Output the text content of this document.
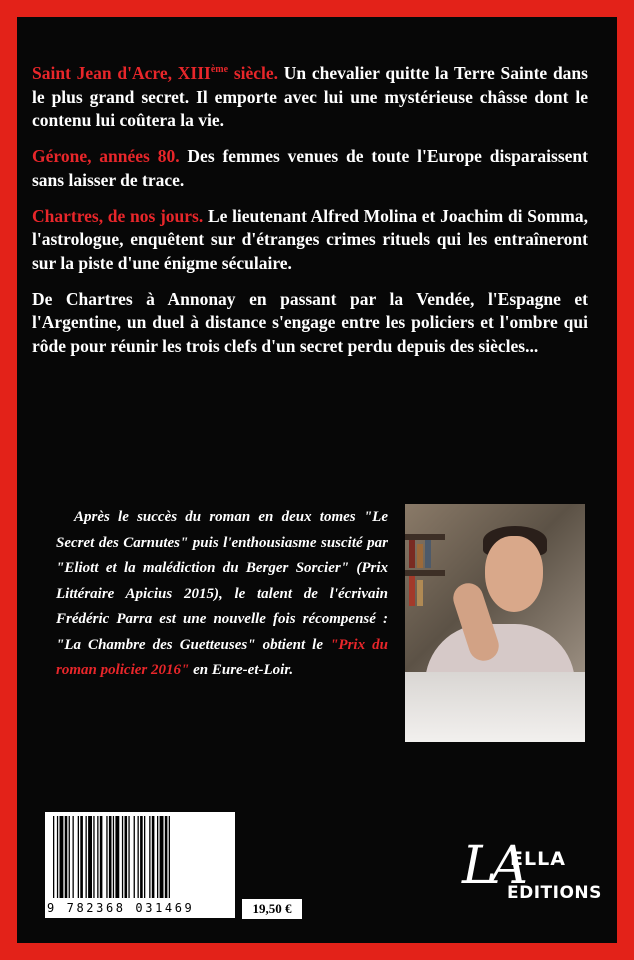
Saint Jean d'Acre, XIIIème siècle. Un chevalier quitte la Terre Sainte dans le plus grand secret. Il emporte avec lui une mystérieuse châsse dont le contenu lui coûtera la vie.

Gérone, années 80. Des femmes venues de toute l'Europe disparaissent sans laisser de trace.

Chartres, de nos jours. Le lieutenant Alfred Molina et Joachim di Somma, l'astrologue, enquêtent sur d'étranges crimes rituels qui les entraîneront sur la piste d'une énigme séculaire.

De Chartres à Annonay en passant par la Vendée, l'Espagne et l'Argentine, un duel à distance s'engage entre les policiers et l'ombre qui rôde pour réunir les trois clefs d'un secret perdu depuis des siècles...

Après le succès du roman en deux tomes "Le Secret des Carnutes" puis l'enthousiasme suscité par "Eliott et la malédiction du Berger Sorcier" (Prix Littéraire Apicius 2015), le talent de l'écrivain Frédéric Parra est une nouvelle fois récompensé : "La Chambre des Guetteuses" obtient le "Prix du roman policier 2016" en Eure-et-Loir.

9 782368 031469	19,50 €
LA
ELLA
EDITIONS
